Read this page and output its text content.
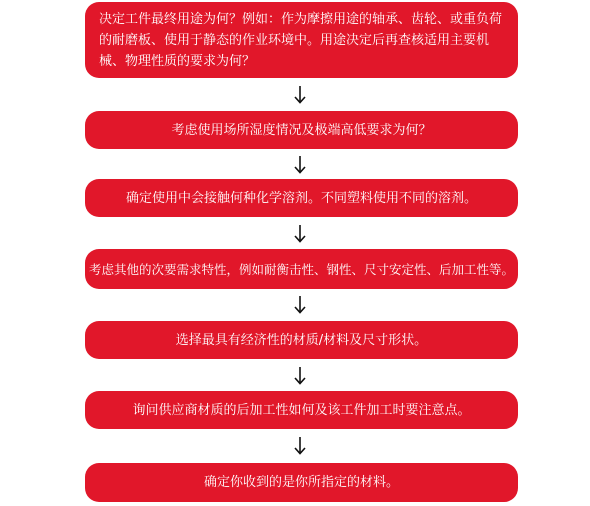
决定工件最终用途为何？例如：作为摩擦用途的轴承、齿轮、或重负荷的耐磨板、使用于静态的作业环境中。用途决定后再查核适用主要机械、物理性质的要求为何？
考虑使用场所湿度情况及极端高低要求为何？
确定使用中会接触何种化学溶剂。不同塑料使用不同的溶剂。
考虑其他的次要需求特性，例如耐衡击性、钢性、尺寸安定性、后加工性等。
选择最具有经济性的材质/材料及尺寸形状。
询问供应商材质的后加工性如何及该工件加工时要注意点。
确定你收到的是你所指定的材料。
